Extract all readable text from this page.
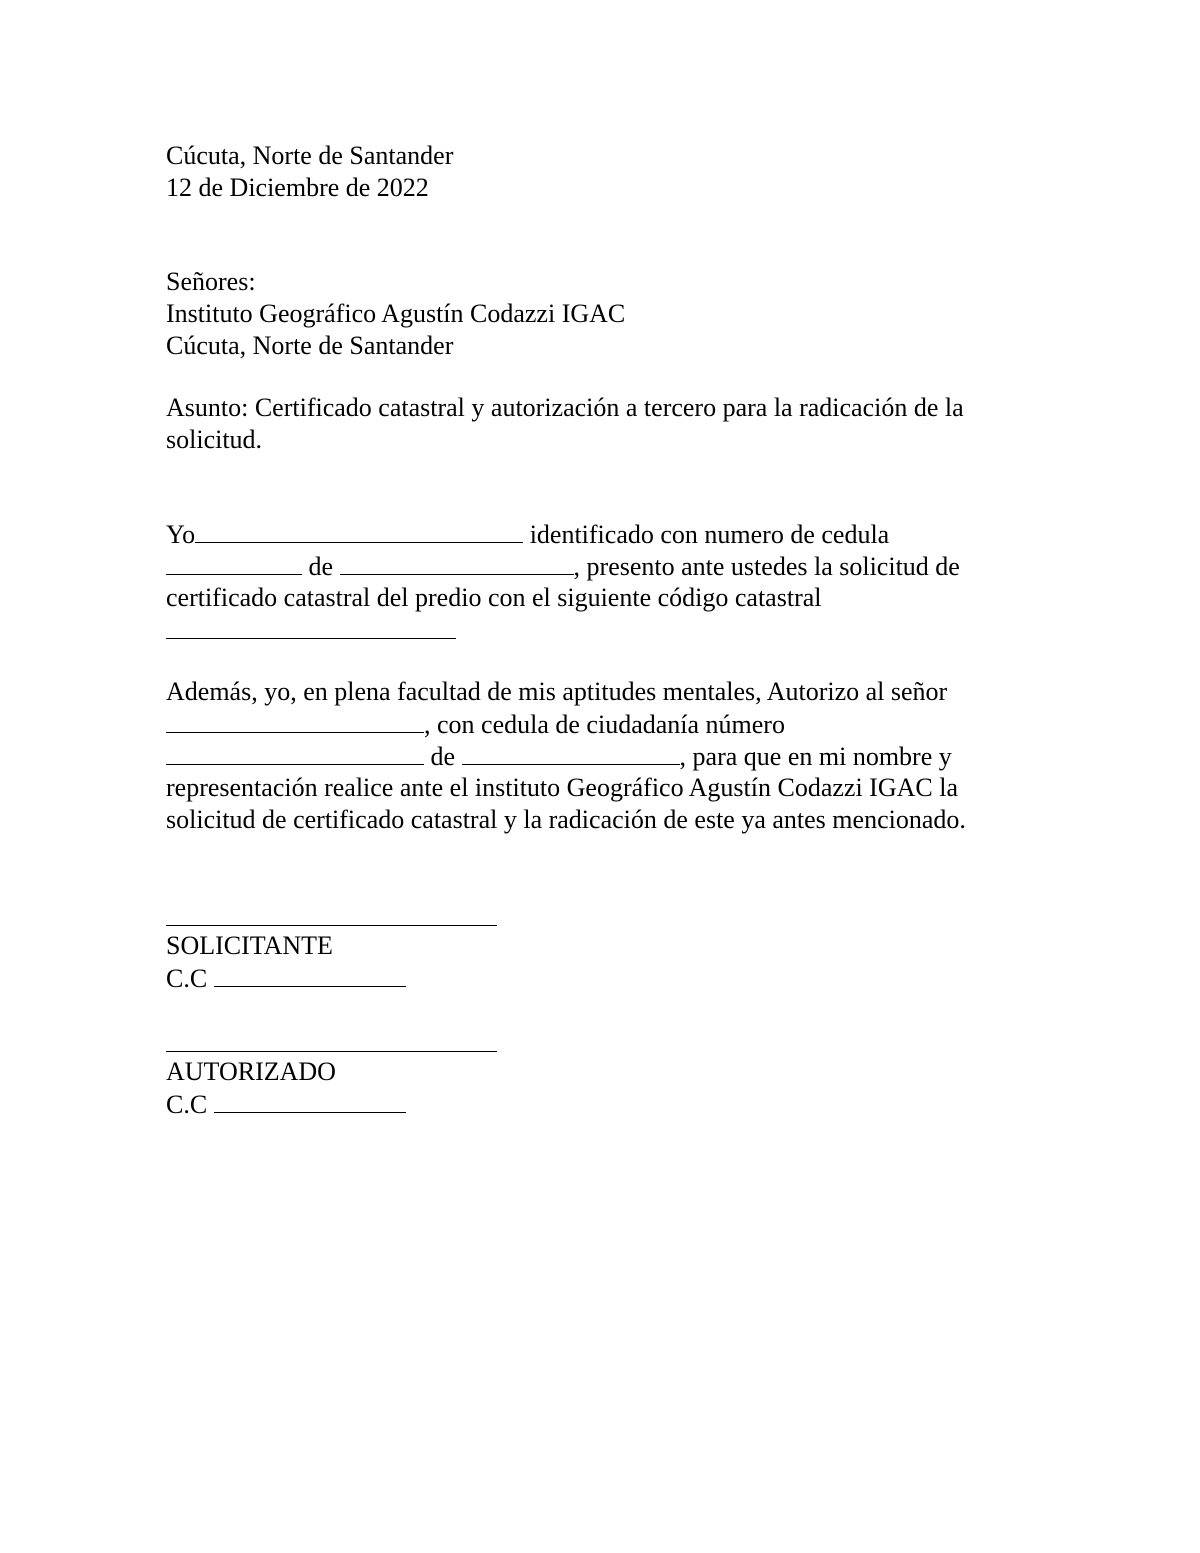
Cúcuta, Norte de Santander
12 de Diciembre de 2022
Señores:
Instituto Geográfico Agustín Codazzi IGAC
Cúcuta, Norte de Santander
Asunto: Certificado catastral y autorización a tercero para la radicación de la
solicitud.
Yo	identificado con numero de cedula
de	, presento ante ustedes la solicitud de
certificado catastral del predio con el siguiente código catastral
Además, yo, en plena facultad de mis aptitudes mentales, Autorizo al señor
, con cedula de ciudadanía número
de	, para que en mi nombre y
representación realice ante el instituto Geográfico Agustín Codazzi IGAC la
solicitud de certificado catastral y la radicación de este ya antes mencionado.
SOLICITANTE
C.C
AUTORIZADO
C.C
